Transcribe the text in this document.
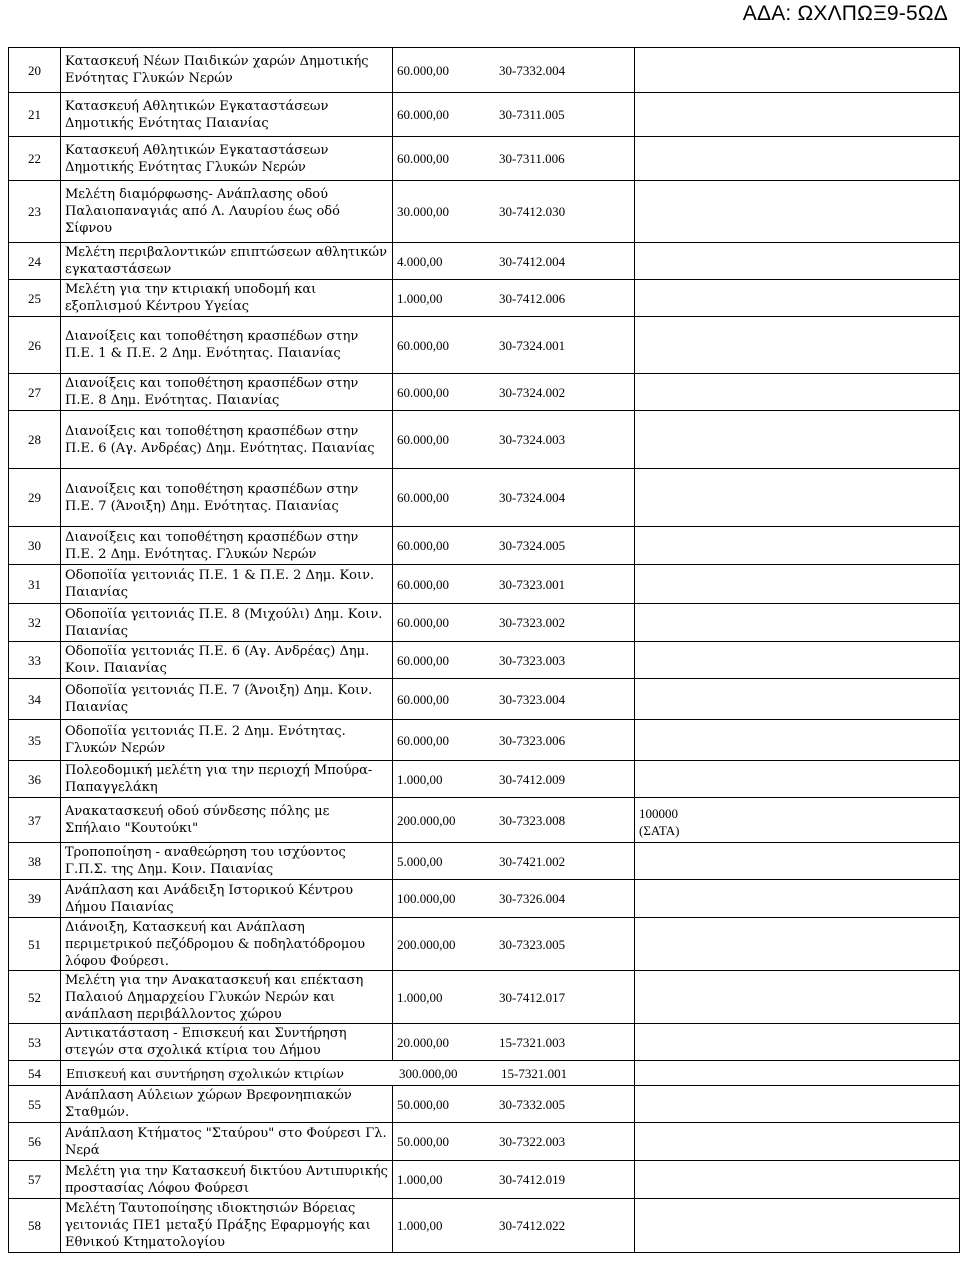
ΑΔΑ: ΩΧΛΠΩΞ9-5ΩΔ
20	Κατασκευή Νέων Παιδικών χαρών Δημοτικής Ενότητας Γλυκών Νερών	60.000,00 30-7332.004	
21	Κατασκευή Αθλητικών Εγκαταστάσεων Δημοτικής Ενότητας Παιανίας	60.000,00 30-7311.005	
22	Κατασκευή Αθλητικών Εγκαταστάσεων Δημοτικής Ενότητας Γλυκών Νερών	60.000,00 30-7311.006	
23	Μελέτη διαμόρφωσης- Ανάπλασης οδού Παλαιοπαναγιάς από Λ. Λαυρίου έως οδό Σίφνου	30.000,00 30-7412.030	
24	Μελέτη περιβαλοντικών επιπτώσεων αθλητικών εγκαταστάσεων	4.000,00 30-7412.004	
25	Μελέτη για την κτιριακή υποδομή και εξοπλισμού Κέντρου Υγείας	1.000,00 30-7412.006	
26	Διανοίξεις και τοποθέτηση κρασπέδων στην Π.Ε. 1 & Π.Ε. 2 Δημ. Ενότητας. Παιανίας	60.000,00 30-7324.001	
27	Διανοίξεις και τοποθέτηση κρασπέδων στην Π.Ε. 8 Δημ. Ενότητας. Παιανίας	60.000,00 30-7324.002	
28	Διανοίξεις και τοποθέτηση κρασπέδων στην Π.Ε. 6 (Αγ. Ανδρέας) Δημ. Ενότητας. Παιανίας	60.000,00 30-7324.003	
29	Διανοίξεις και τοποθέτηση κρασπέδων στην Π.Ε. 7 (Άνοιξη) Δημ. Ενότητας. Παιανίας	60.000,00 30-7324.004	
30	Διανοίξεις και τοποθέτηση κρασπέδων στην Π.Ε. 2 Δημ. Ενότητας. Γλυκών Νερών	60.000,00 30-7324.005	
31	Οδοποϊία γειτονιάς Π.Ε. 1 & Π.Ε. 2 Δημ. Κοιν. Παιανίας	60.000,00 30-7323.001	
32	Οδοποϊία γειτονιάς Π.Ε. 8 (Μιχούλι) Δημ. Κοιν. Παιανίας	60.000,00 30-7323.002	
33	Οδοποϊία γειτονιάς Π.Ε. 6 (Αγ. Ανδρέας) Δημ. Κοιν. Παιανίας	60.000,00 30-7323.003	
34	Οδοποϊία γειτονιάς Π.Ε. 7 (Άνοιξη) Δημ. Κοιν. Παιανίας	60.000,00 30-7323.004	
35	Οδοποϊία γειτονιάς Π.Ε. 2 Δημ. Ενότητας. Γλυκών Νερών	60.000,00 30-7323.006	
36	Πολεοδομική μελέτη για την περιοχή Μπούρα- Παπαγγελάκη	1.000,00 30-7412.009	
37	Ανακατασκευή οδού σύνδεσης πόλης με Σπήλαιο "Κουτούκι"	200.000,00 30-7323.008	100000 (ΣΑΤΑ)

38	Τροποποίηση - αναθεώρηση του ισχύοντος Γ.Π.Σ. της Δημ. Κοιν. Παιανίας	5.000,00 30-7421.002	
39	Ανάπλαση και Ανάδειξη Ιστορικού Κέντρου Δήμου Παιανίας	100.000,00 30-7326.004	
51	Διάνοιξη, Κατασκευή και Ανάπλαση περιμετρικού πεζόδρομου & ποδηλατόδρομου λόφου Φούρεσι.	200.000,00 30-7323.005	
52	Μελέτη για την Ανακατασκευή και επέκταση Παλαιού Δημαρχείου Γλυκών Νερών και ανάπλαση περιβάλλοντος χώρου	1.000,00 30-7412.017	
53	Αντικατάσταση - Επισκευή και Συντήρηση στεγών στα σχολικά κτίρια του Δήμου	20.000,00 15-7321.003	
54	Επισκευή και συντήρηση σχολικών κτιρίων 300.000,00 15-7321.001		
55	Ανάπλαση Αύλειων χώρων Βρεφονηπιακών Σταθμών.	50.000,00 30-7332.005	
56	Ανάπλαση Κτήματος "Σταύρου" στο Φούρεσι Γλ. Νερά	50.000,00 30-7322.003	
57	Μελέτη για την Κατασκευή δικτύου Αντιπυρικής προστασίας Λόφου Φούρεσι	1.000,00 30-7412.019	
58	Μελέτη Ταυτοποίησης ιδιοκτησιών Βόρειας γειτονιάς ΠΕ1 μεταξύ Πράξης Εφαρμογής και Εθνικού Κτηματολογίου	1.000,00 30-7412.022	
